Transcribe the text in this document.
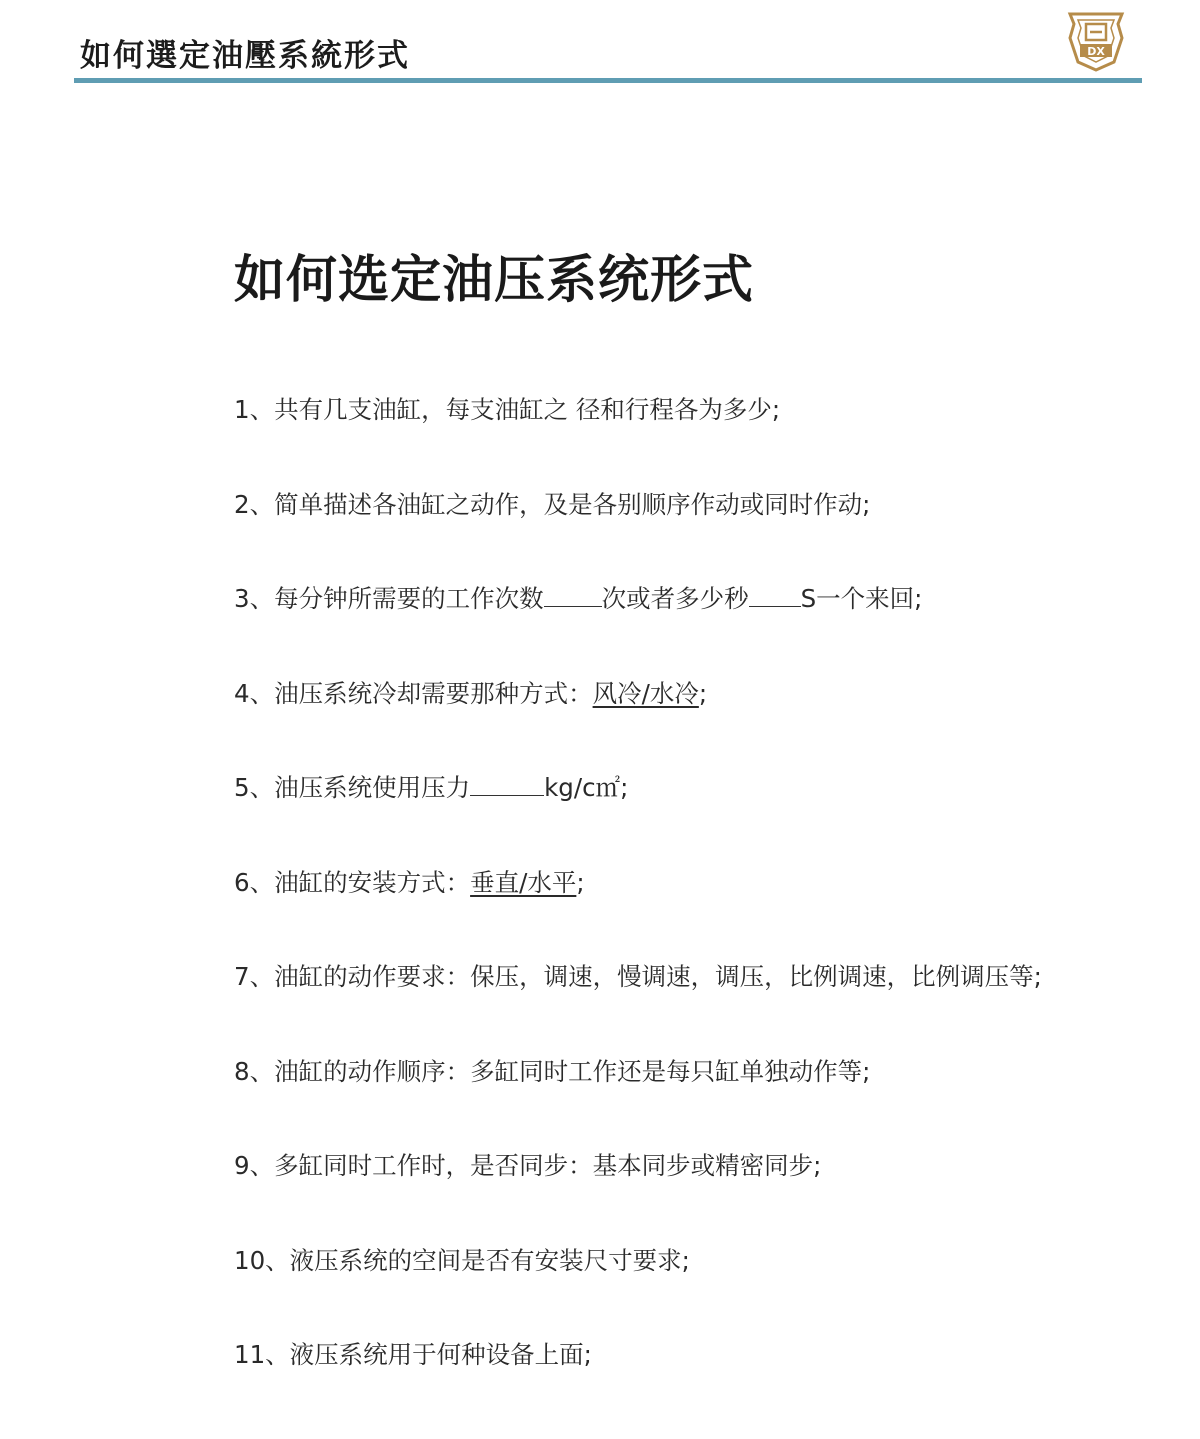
如何選定油壓系統形式	DX
如何选定油压系统形式
1、共有几支油缸，每支油缸之 径和行程各为多少;
2、简单描述各油缸之动作，及是各别顺序作动或同时作动;
3、每分钟所需要的工作次数 次或者多少秒 S一个来回;
4、油压系统冷却需要那种方式：风冷/水冷;
5、油压系统使用压力	kg/c㎡;
6、油缸的安装方式：垂直/水平;
7、油缸的动作要求：保压，调速，慢调速，调压，比例调速，比例调压等;
8、油缸的动作顺序：多缸同时工作还是每只缸单独动作等;
9、多缸同时工作时，是否同步：基本同步或精密同步;
10、液压系统的空间是否有安装尺寸要求;
11、液压系统用于何种设备上面;
